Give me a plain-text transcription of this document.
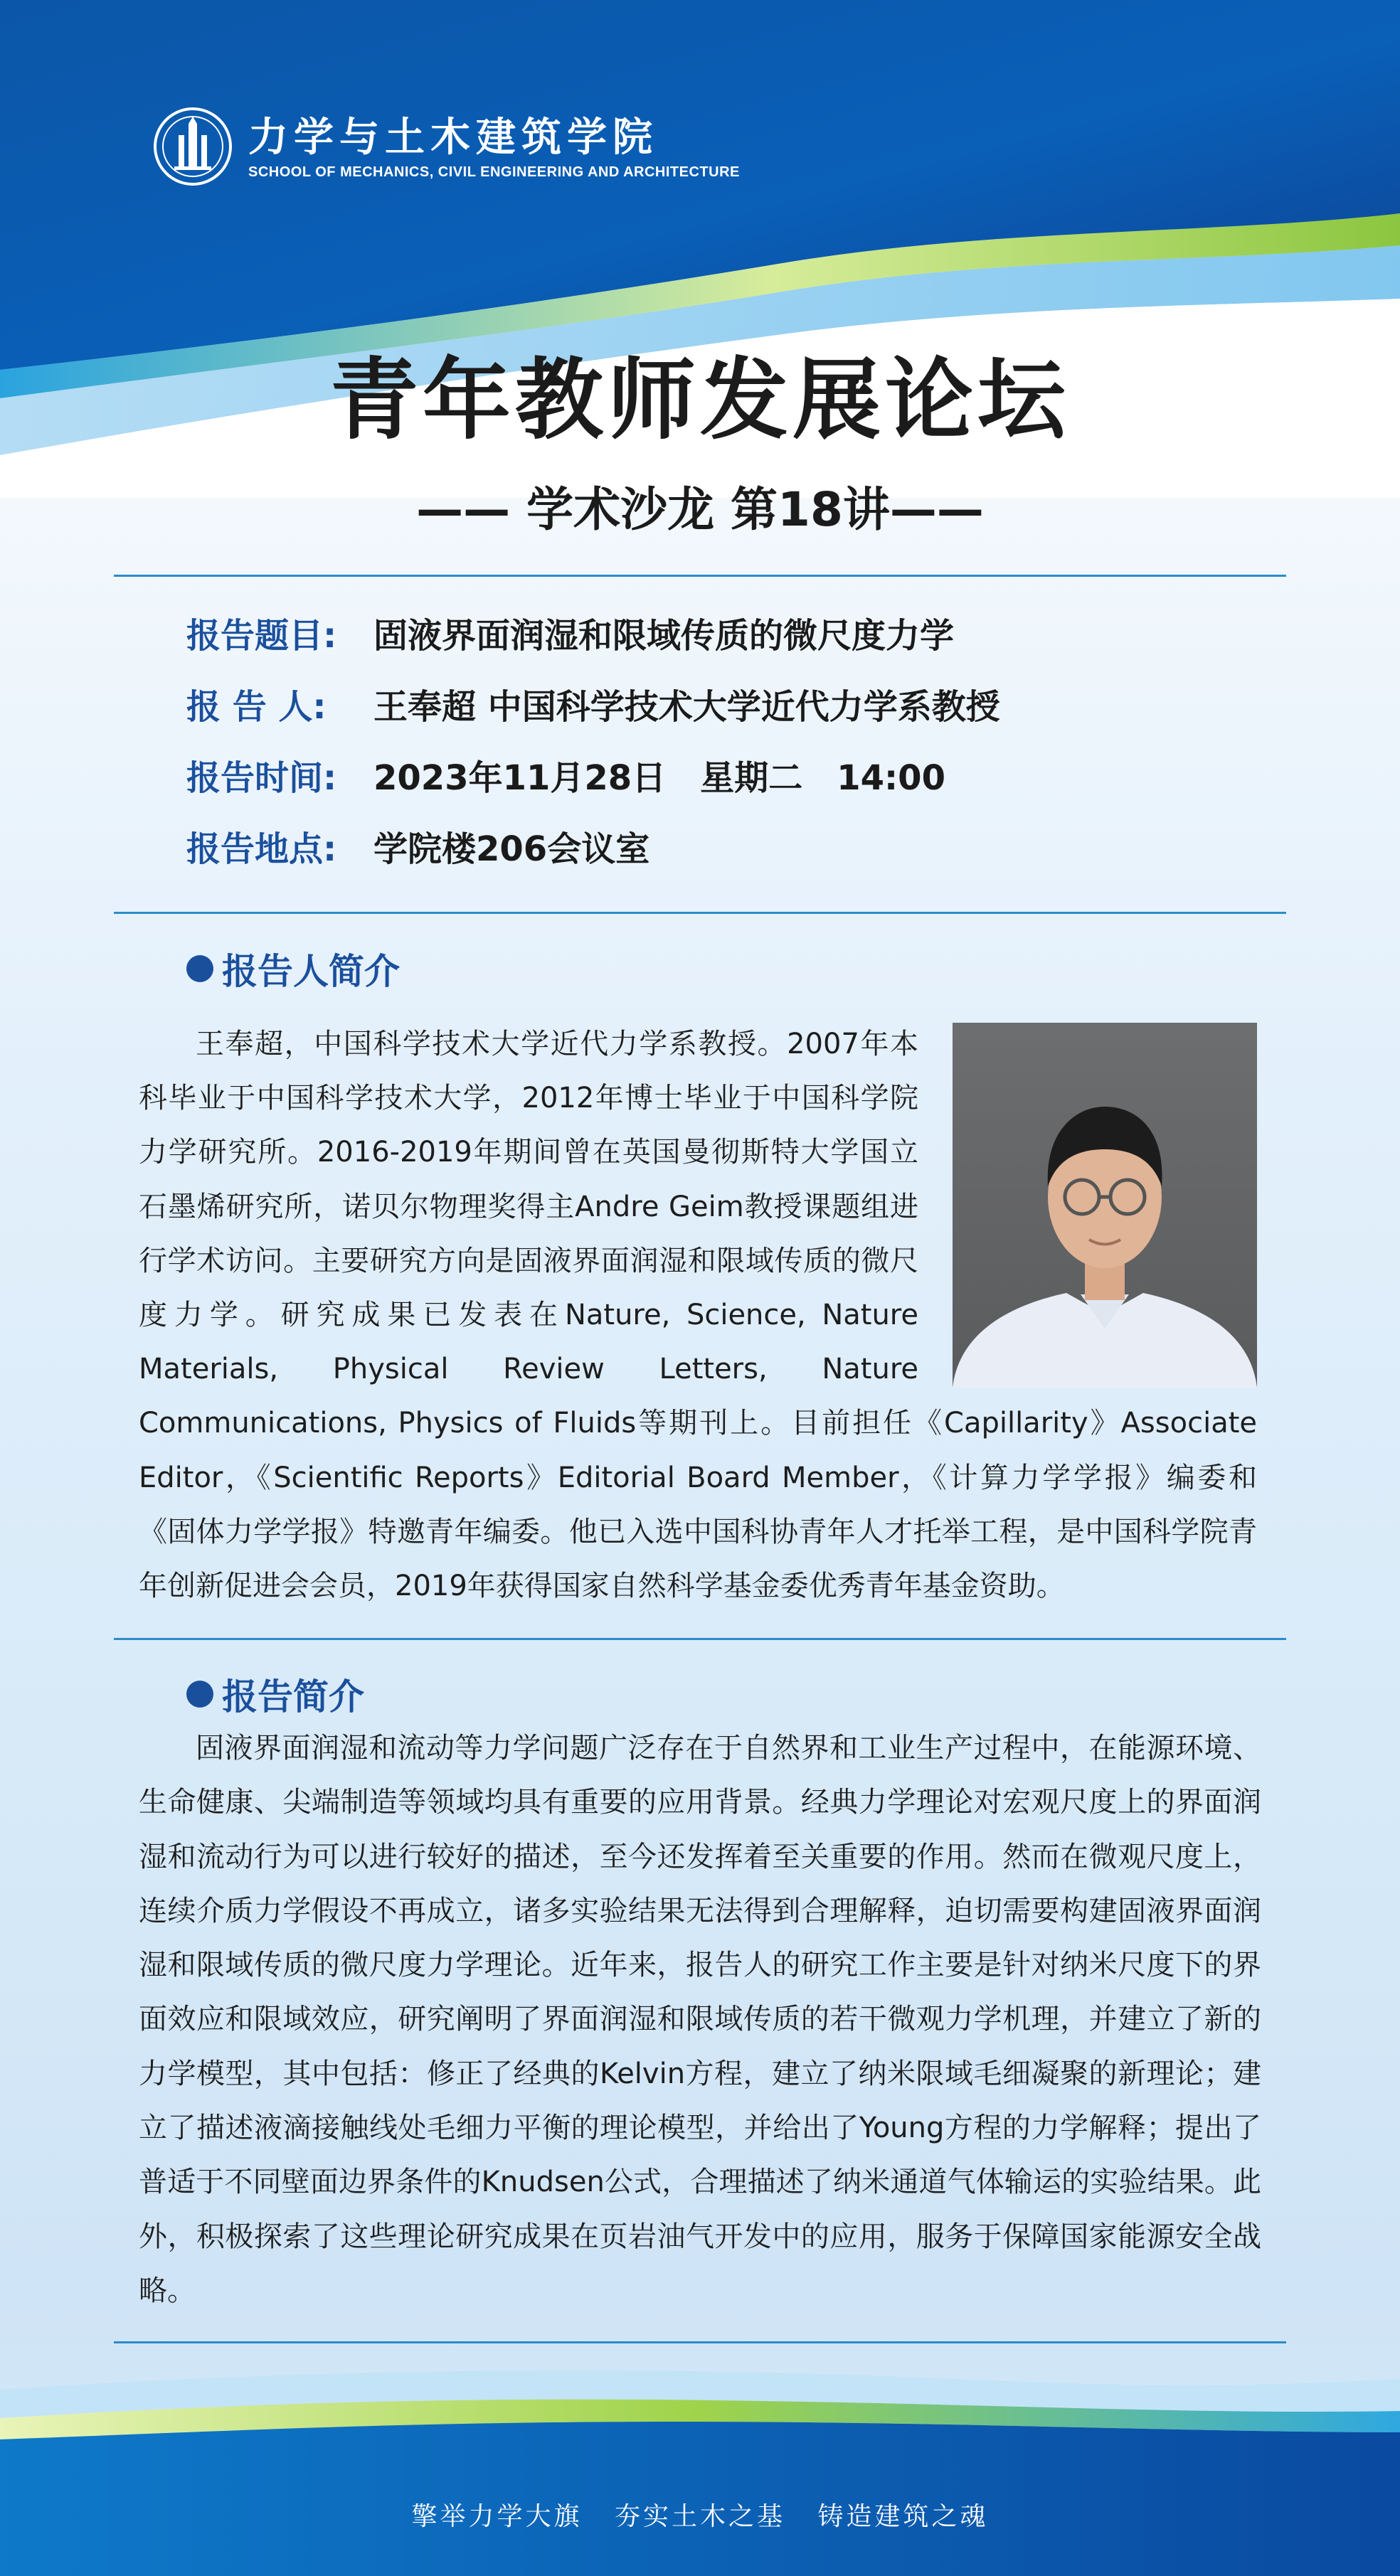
力学与土木建筑学院
SCHOOL OF MECHANICS, CIVIL ENGINEERING AND ARCHITECTURE
青年教师发展论坛
—— 学术沙龙 第18讲——
报告题目:	固液界面润湿和限域传质的微尺度力学
报 告 人:	王奉超 中国科学技术大学近代力学系教授
报告时间:	2023年11月28日　星期二　14:00
报告地点:	学院楼206会议室
报告人简介

王奉超，中国科学技术大学近代力学系教授。2007年本科毕业于中国科学技术大学，2012年博士毕业于中国科学院力学研究所。2016-2019年期间曾在英国曼彻斯特大学国立石墨烯研究所，诺贝尔物理奖得主Andre Geim教授课题组进行学术访问。主要研究方向是固液界面润湿和限域传质的微尺度力学。研究成果已发表在Nature, Science, Nature Materials, Physical Review Letters, Nature Communications, Physics of Fluids等期刊上。目前担任《Capillarity》Associate Editor，《Scientific Reports》Editorial Board Member，《计算力学学报》编委和《固体力学学报》特邀青年编委。他已入选中国科协青年人才托举工程，是中国科学院青年创新促进会会员，2019年获得国家自然科学基金委优秀青年基金资助。

报告简介

固液界面润湿和流动等力学问题广泛存在于自然界和工业生产过程中，在能源环境、生命健康、尖端制造等领域均具有重要的应用背景。经典力学理论对宏观尺度上的界面润湿和流动行为可以进行较好的描述，至今还发挥着至关重要的作用。然而在微观尺度上，连续介质力学假设不再成立，诸多实验结果无法得到合理解释，迫切需要构建固液界面润湿和限域传质的微尺度力学理论。近年来，报告人的研究工作主要是针对纳米尺度下的界面效应和限域效应，研究阐明了界面润湿和限域传质的若干微观力学机理，并建立了新的力学模型，其中包括：修正了经典的Kelvin方程，建立了纳米限域毛细凝聚的新理论；建立了描述液滴接触线处毛细力平衡的理论模型，并给出了Young方程的力学解释；提出了普适于不同壁面边界条件的Knudsen公式，合理描述了纳米通道气体输运的实验结果。此外，积极探索了这些理论研究成果在页岩油气开发中的应用，服务于保障国家能源安全战略。

擎举力学大旗 夯实土木之基 铸造建筑之魂
